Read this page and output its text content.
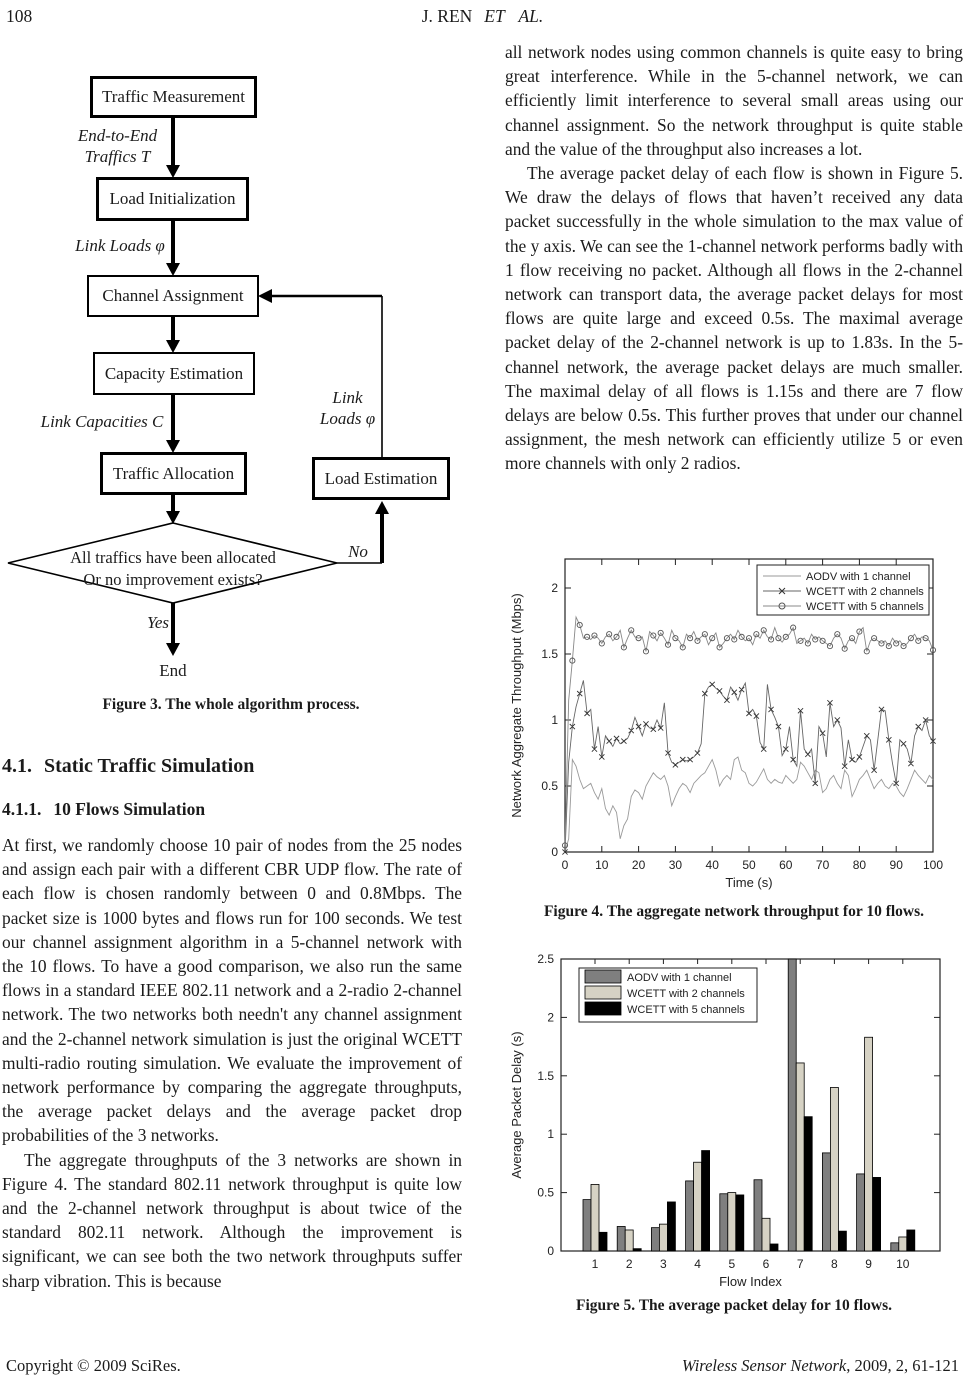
108	J. REN ET AL.
Traffic Measurement
Load Initialization
Channel Assignment
Capacity Estimation
Traffic Allocation	Load Estimation
End-to-End
Traffics T
Link Loads φ
Link Capacities C
Link
Loads φ
All traffics have been allocated
Or no improvement exists?
No
Yes
End
Figure 3. The whole algorithm process.
4.1. Static Traffic Simulation
4.1.1. 10 Flows Simulation

At first, we randomly choose 10 pair of nodes from the 25 nodes and assign each pair with a different CBR UDP flow. The rate of each flow is chosen randomly between 0 and 0.8Mbps. The packet size is 1000 bytes and flows run for 100 seconds. We test our channel assignment algorithm in a 5-channel network with the 10 flows. To have a good comparison, we also run the same flows in a standard IEEE 802.11 network and a 2-radio 2-channel network. The two networks both needn't any channel assignment and the 2-channel network simulation is just the original WCETT multi-radio routing simulation. We evaluate the improvement of network performance by comparing the aggregate throughputs, the average packet delays and the average packet drop probabilities of the 3 networks.

The aggregate throughputs of the 3 networks are shown in Figure 4. The standard 802.11 network throughput is quite low and the 2-channel network throughput is about twice of the standard 802.11 network. Although the improvement is significant, we can see both the two network throughputs suffer sharp vibration. This is because

all network nodes using common channels is quite easy to bring great interference. While in the 5-channel network, we can efficiently limit interference to several small areas using our channel assignment. So the network throughput is quite stable and the value of the throughput also increases a lot.

The average packet delay of each flow is shown in Figure 5. We draw the delays of flows that haven’t received any data packet successfully in the whole simulation to the max value of the y axis. We can see the 1-channel network performs badly with 1 flow receiving no packet. Although all flows in the 2-channel network can transport data, the average packet delays for most flows are quite large and exceed 0.5s. The maximal average packet delay of the 2-channel network is up to 1.83s. In the 5-channel network, the average packet delays are much smaller. The maximal delay of all flows is 1.15s and there are 7 flow delays are below 0.5s. This further proves that under our channel assignment, the mesh network can efficiently utilize 5 or even more channels with only 2 radios.

0
0.5
1
1.5
2
0 10 20 30 40 50 60 70 80 90 100
Time (s)
Network Aggregate Throughput (Mbps)
AODV with 1 channel
WCETT with 2 channels
WCETT with 5 channels
Figure 4. The aggregate network throughput for 10 flows.
0
0.5
1
1.5
2
2.5
1 2 3 4 5 6 7 8 9 10
Flow Index
Average Packet Delay (s)
AODV with 1 channel
WCETT with 2 channels
WCETT with 5 channels
Figure 5. The average packet delay for 10 flows.
Copyright © 2009 SciRes.	Wireless Sensor Network, 2009, 2, 61-121
